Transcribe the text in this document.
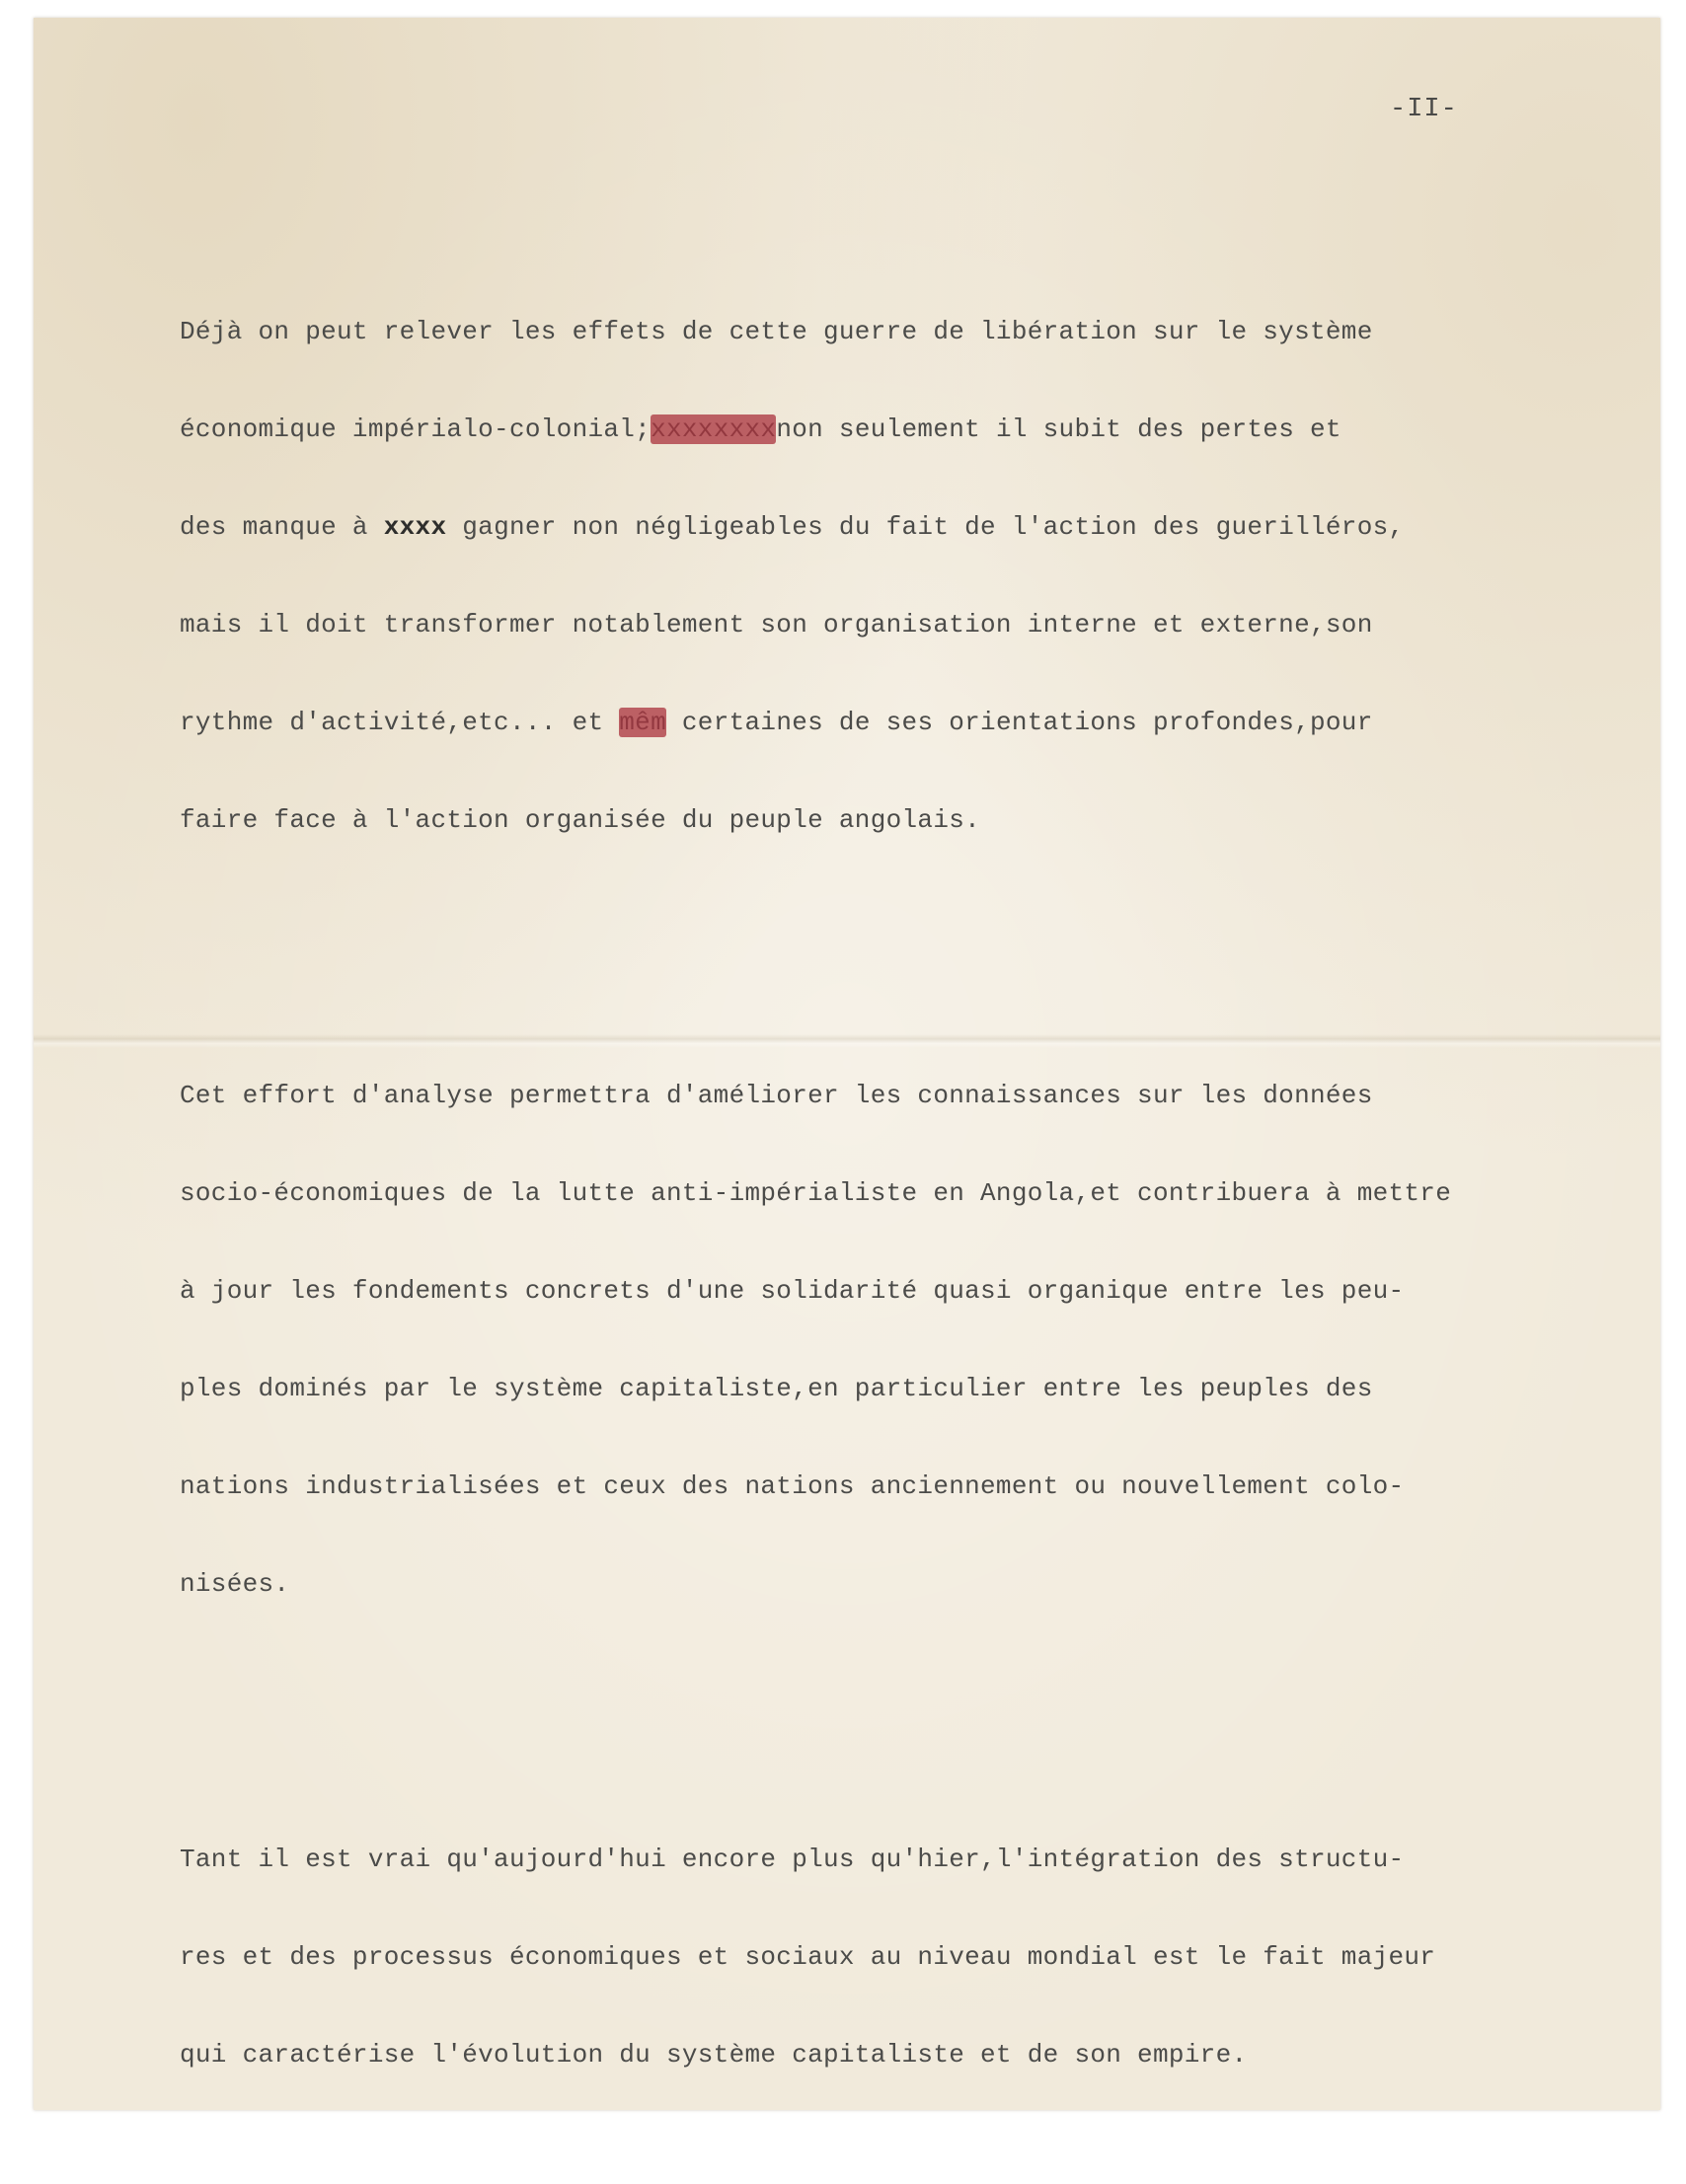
-II-

Déjà on peut relever les effets de cette guerre de libération sur le système

économique impérialo-colonial;xxxxxxxxnon seulement il subit des pertes et

des manque à xxxx gagner non négligeables du fait de l'action des guerilléros,

mais il doit transformer notablement son organisation interne et externe,son

rythme d'activité,etc... et mêm certaines de ses orientations profondes,pour

faire face à l'action organisée du peuple angolais.

Cet effort d'analyse permettra d'améliorer les connaissances sur les données

socio-économiques de la lutte anti-impérialiste en Angola,et contribuera à mettre

à jour les fondements concrets d'une solidarité quasi organique entre les peu-

ples dominés par le système capitaliste,en particulier entre les peuples des

nations industrialisées et ceux des nations anciennement ou nouvellement colo-

nisées.

Tant il est vrai qu'aujourd'hui encore plus qu'hier,l'intégration des structu-

res et des processus économiques et sociaux au niveau mondial est le fait majeur

qui caractérise l'évolution du système capitaliste et de son empire.
